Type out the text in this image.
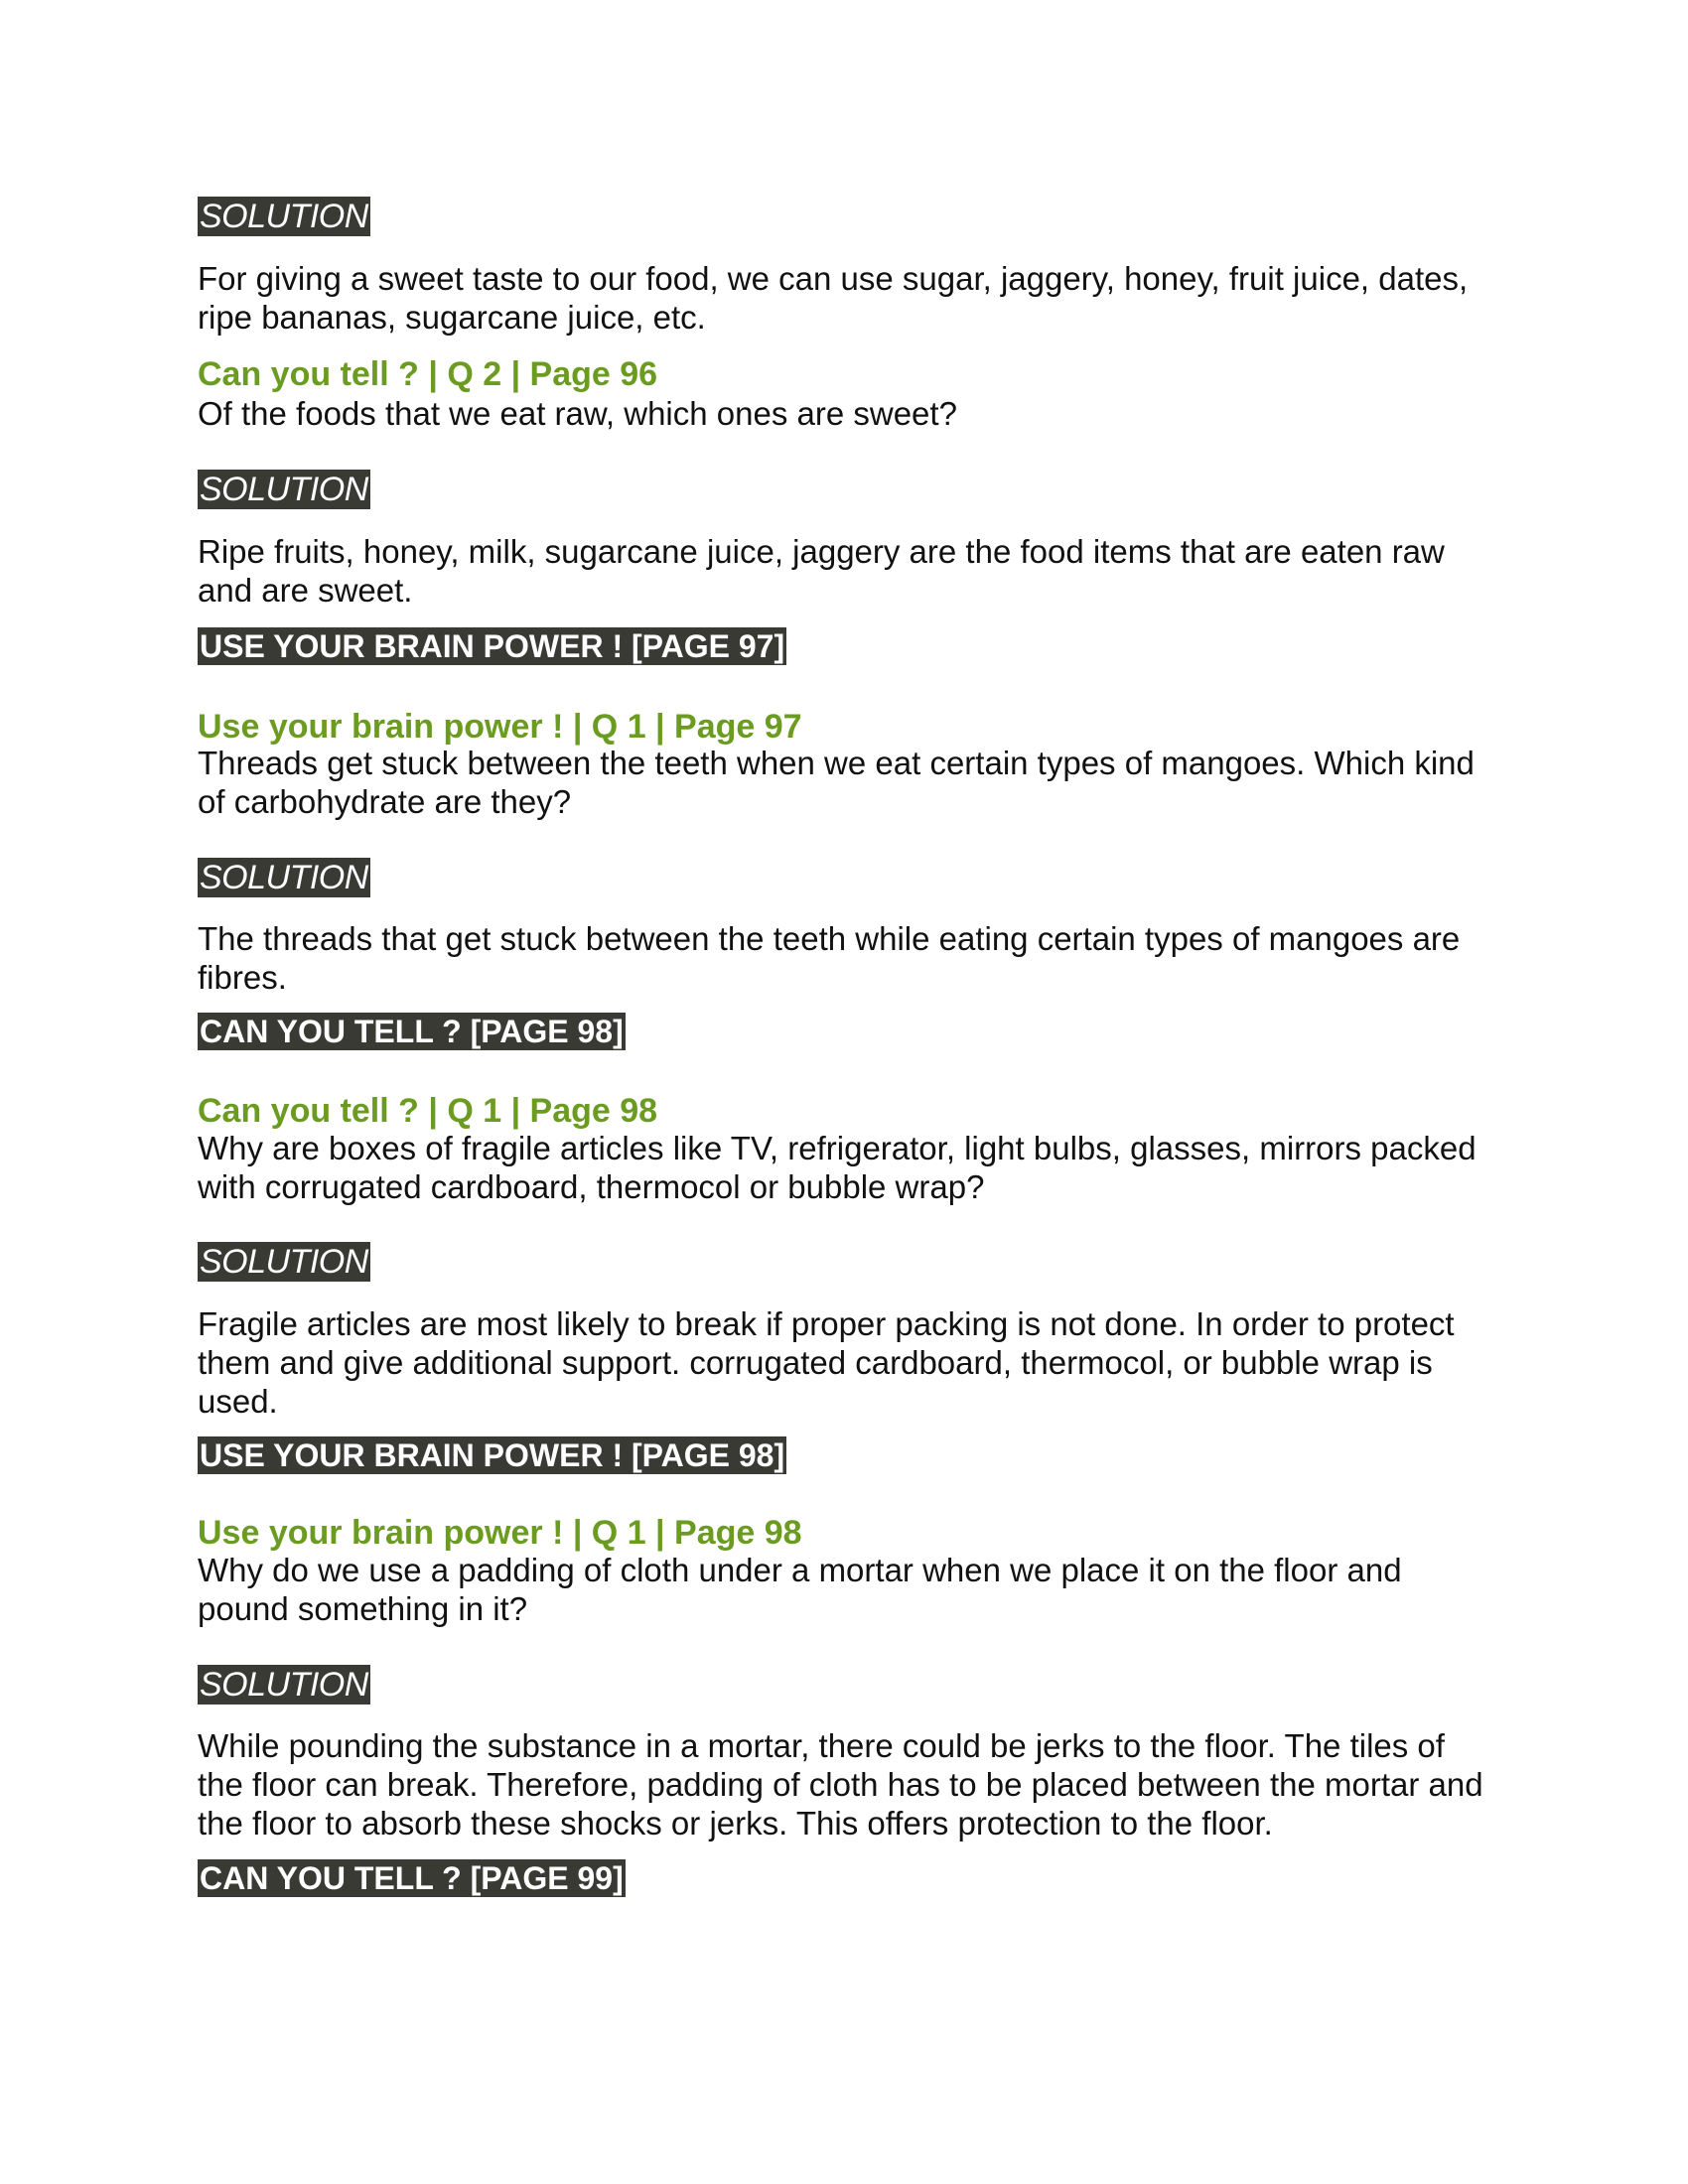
SOLUTION

For giving a sweet taste to our food, we can use sugar, jaggery, honey, fruit juice, dates, ripe bananas, sugarcane juice, etc.

Can you tell ? | Q 2 | Page 96

Of the foods that we eat raw, which ones are sweet?

SOLUTION

Ripe fruits, honey, milk, sugarcane juice, jaggery are the food items that are eaten raw and are sweet.

USE YOUR BRAIN POWER ! [PAGE 97]

Use your brain power ! | Q 1 | Page 97

Threads get stuck between the teeth when we eat certain types of mangoes. Which kind of carbohydrate are they?

SOLUTION

The threads that get stuck between the teeth while eating certain types of mangoes are fibres.

CAN YOU TELL ? [PAGE 98]

Can you tell ? | Q 1 | Page 98

Why are boxes of fragile articles like TV, refrigerator, light bulbs, glasses, mirrors packed with corrugated cardboard, thermocol or bubble wrap?

SOLUTION

Fragile articles are most likely to break if proper packing is not done. In order to protect them and give additional support. corrugated cardboard, thermocol, or bubble wrap is used.

USE YOUR BRAIN POWER ! [PAGE 98]

Use your brain power ! | Q 1 | Page 98

Why do we use a padding of cloth under a mortar when we place it on the floor and pound something in it?

SOLUTION

While pounding the substance in a mortar, there could be jerks to the floor. The tiles of the floor can break. Therefore, padding of cloth has to be placed between the mortar and the floor to absorb these shocks or jerks. This offers protection to the floor.

CAN YOU TELL ? [PAGE 99]
